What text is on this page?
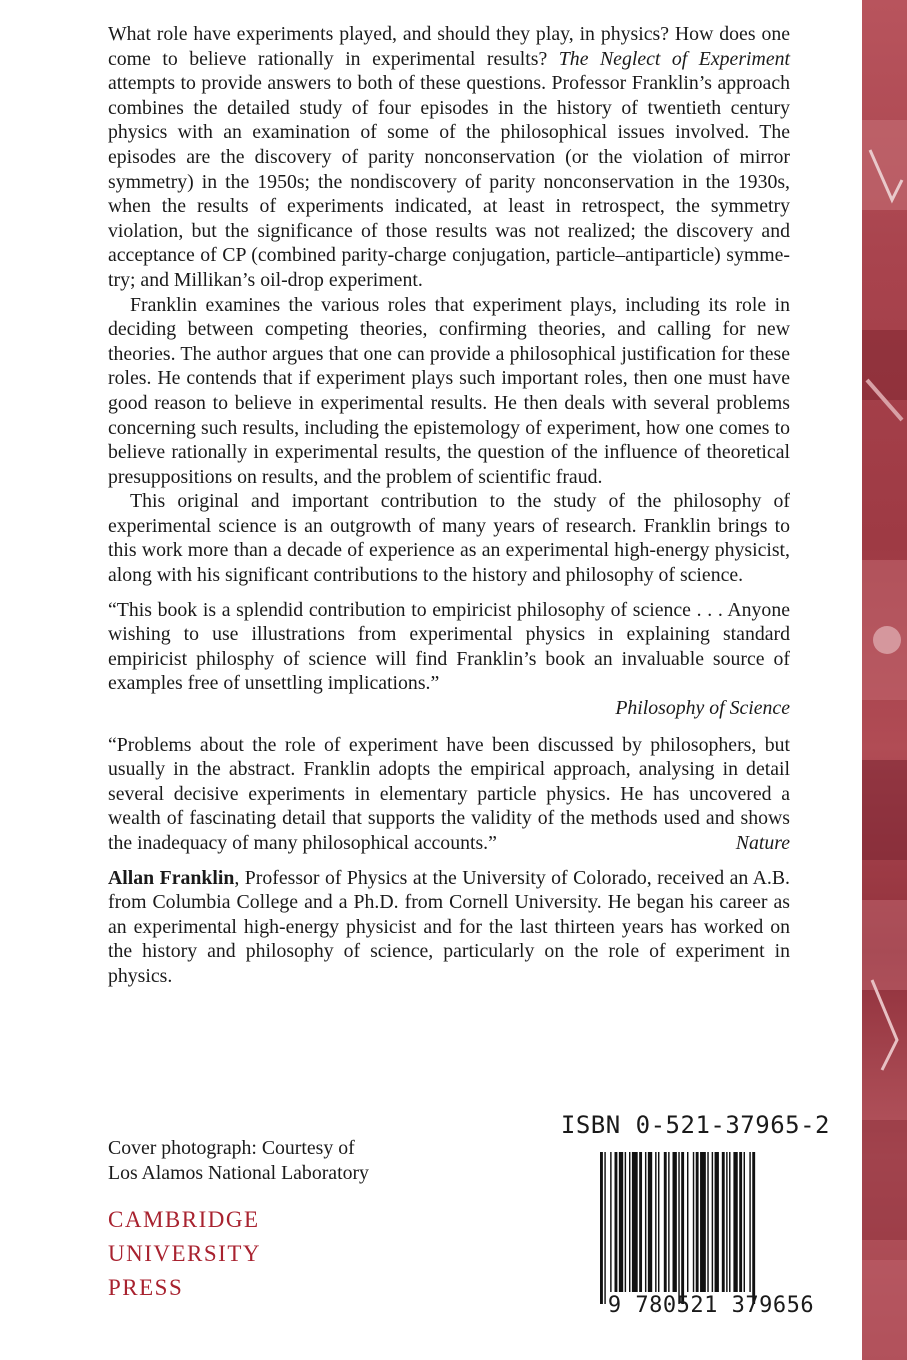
What role have experiments played, and should they play, in physics? How does one come to believe rationally in experimental results? The Neglect of Experiment attempts to provide answers to both of these questions. Professor Franklin’s approach combines the detailed study of four episodes in the history of twentieth century physics with an examination of some of the philosophical issues involved. The episodes are the discovery of parity nonconservation (or the violation of mirror symmetry) in the 1950s; the nondiscovery of parity nonconservation in the 1930s, when the results of experiments indicated, at least in retrospect, the symmetry violation, but the significance of those results was not realized; the discovery and acceptance of CP (combined parity-charge conjugation, particle–antiparticle) symmetry; and Millikan’s oil-drop experiment.

Franklin examines the various roles that experiment plays, including its role in deciding between competing theories, confirming theories, and calling for new theories. The author argues that one can provide a philosophical justification for these roles. He contends that if experiment plays such important roles, then one must have good reason to believe in experimental results. He then deals with several problems concerning such results, including the epistemology of experiment, how one comes to believe rationally in experimental results, the question of the influence of theoretical presuppositions on results, and the problem of scientific fraud.

This original and important contribution to the study of the philosophy of experimental science is an outgrowth of many years of research. Franklin brings to this work more than a decade of experience as an experimental high-energy physicist, along with his significant contributions to the history and philosophy of science.

“This book is a splendid contribution to empiricist philosophy of science . . . Anyone wishing to use illustrations from experimental physics in explaining standard empiricist philosphy of science will find Franklin’s book an invaluable source of examples free of unsettling implications.”

Philosophy of Science

“Problems about the role of experiment have been discussed by philosophers, but usually in the abstract. Franklin adopts the empirical approach, analysing in detail several decisive experiments in elementary particle physics. He has uncovered a wealth of fascinating detail that supports the validity of the methods used and shows the inadequacy of many philosophical accounts.”	Nature

Allan Franklin, Professor of Physics at the University of Colorado, received an A.B. from Columbia College and a Ph.D. from Cornell University. He began his career as an experimental high-energy physicist and for the last thirteen years has worked on the history and philosophy of science, particularly on the role of experiment in physics.

ISBN 0-521-37965-2
Cover photograph: Courtesy of
Los Alamos National Laboratory
CAMBRIDGE
UNIVERSITY
PRESS
9 780521 379656
